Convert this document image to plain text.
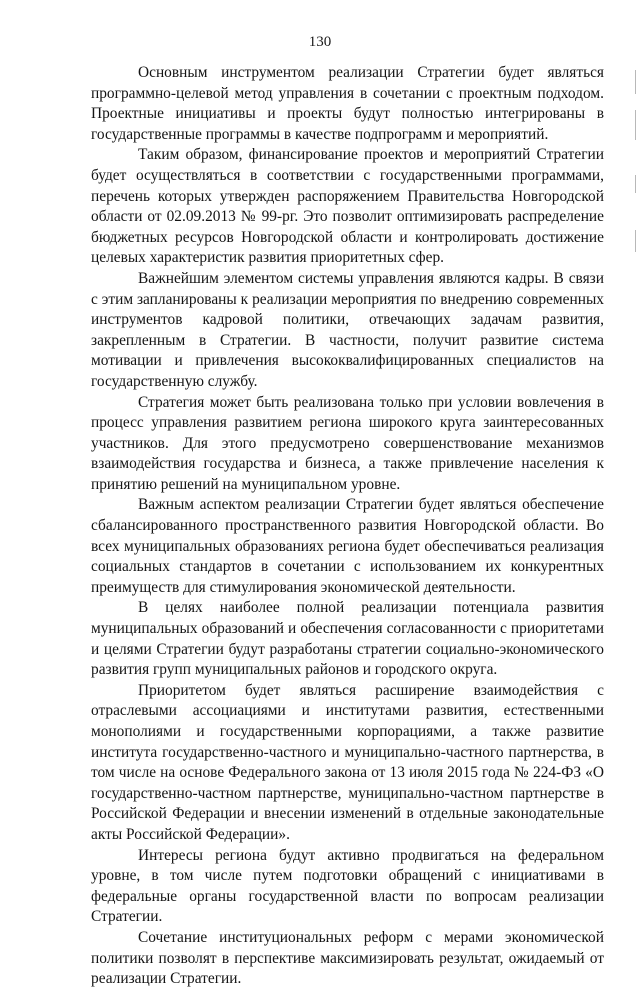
130

Основным инструментом реализации Стратегии будет являться программно-целевой метод управления в сочетании с проектным подходом. Проектные инициативы и проекты будут полностью интегрированы в государственные программы в качестве подпрограмм и мероприятий.

Таким образом, финансирование проектов и мероприятий Стратегии будет осуществляться в соответствии с государственными программами, перечень которых утвержден распоряжением Правительства Новгородской области от 02.09.2013 № 99-рг. Это позволит оптимизировать распределение бюджетных ресурсов Новгородской области и контролировать достижение целевых характеристик развития приоритетных сфер.

Важнейшим элементом системы управления являются кадры. В связи с этим запланированы к реализации мероприятия по внедрению современных инструментов кадровой политики, отвечающих задачам развития, закрепленным в Стратегии. В частности, получит развитие система мотивации и привлечения высококвалифицированных специалистов на государственную службу.

Стратегия может быть реализована только при условии вовлечения в процесс управления развитием региона широкого круга заинтересованных участников. Для этого предусмотрено совершенствование механизмов взаимодействия государства и бизнеса, а также привлечение населения к принятию решений на муниципальном уровне.

Важным аспектом реализации Стратегии будет являться обеспечение сбалансированного пространственного развития Новгородской области. Во всех муниципальных образованиях региона будет обеспечиваться реализация социальных стандартов в сочетании с использованием их конкурентных преимуществ для стимулирования экономической деятельности.

В целях наиболее полной реализации потенциала развития муниципальных образований и обеспечения согласованности с приоритетами и целями Стратегии будут разработаны стратегии социально-экономического развития групп муниципальных районов и городского округа.

Приоритетом будет являться расширение взаимодействия с отраслевыми ассоциациями и институтами развития, естественными монополиями и государственными корпорациями, а также развитие института государственно-частного и муниципально-частного партнерства, в том числе на основе Федерального закона от 13 июля 2015 года № 224-ФЗ «О государственно-частном партнерстве, муниципально-частном партнерстве в Российской Федерации и внесении изменений в отдельные законодательные акты Российской Федерации».

Интересы региона будут активно продвигаться на федеральном уровне, в том числе путем подготовки обращений с инициативами в федеральные органы государственной власти по вопросам реализации Стратегии.

Сочетание институциональных реформ с мерами экономической политики позволят в перспективе максимизировать результат, ожидаемый от реализации Стратегии.
